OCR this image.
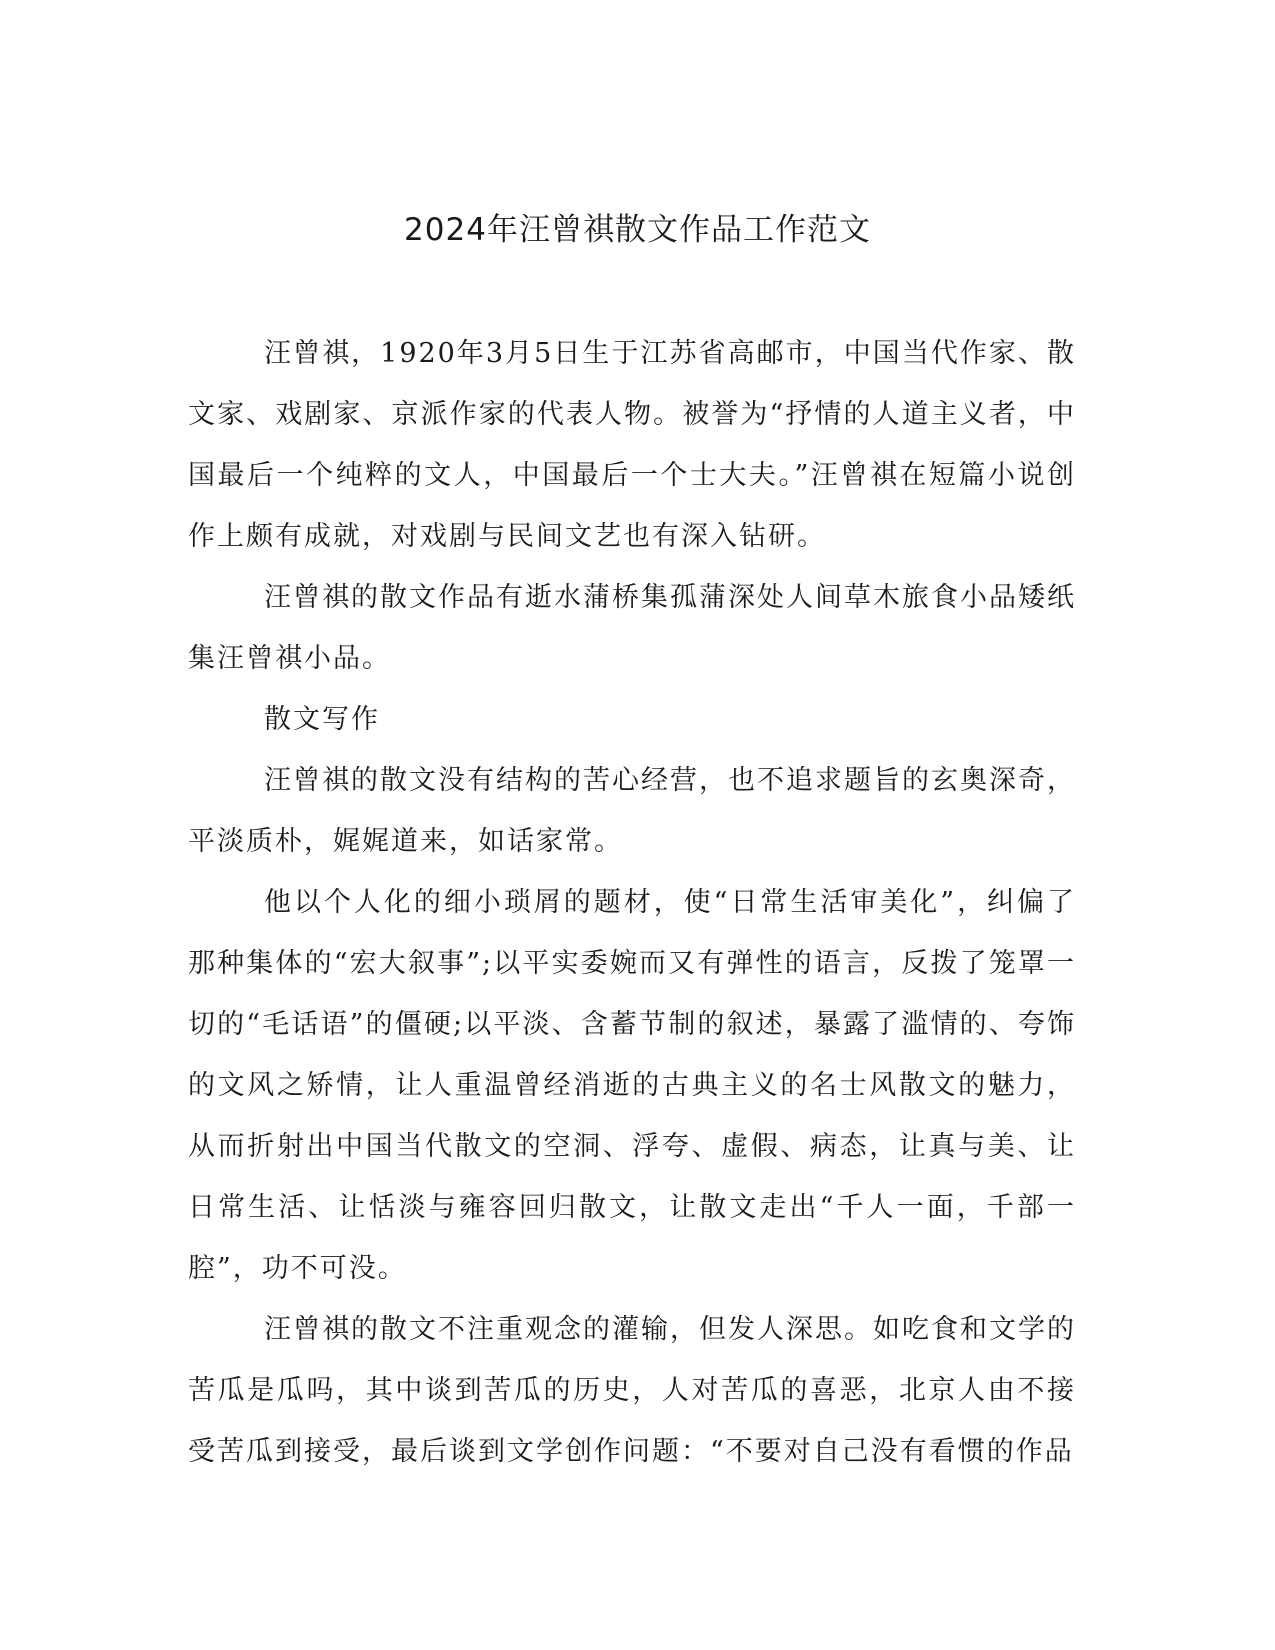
2024年汪曾祺散文作品工作范文

汪曾祺，1920年3月5日生于江苏省高邮市，中国当代作家、散文家、戏剧家、京派作家的代表人物。被誉为“抒情的人道主义者，中国最后一个纯粹的文人，中国最后一个士大夫。”汪曾祺在短篇小说创作上颇有成就，对戏剧与民间文艺也有深入钻研。

汪曾祺的散文作品有逝水蒲桥集孤蒲深处人间草木旅食小品矮纸集汪曾祺小品。

散文写作

汪曾祺的散文没有结构的苦心经营，也不追求题旨的玄奥深奇，平淡质朴，娓娓道来，如话家常。

他以个人化的细小琐屑的题材，使“日常生活审美化”，纠偏了那种集体的“宏大叙事”;以平实委婉而又有弹性的语言，反拨了笼罩一切的“毛话语”的僵硬;以平淡、含蓄节制的叙述，暴露了滥情的、夸饰的文风之矫情，让人重温曾经消逝的古典主义的名士风散文的魅力，从而折射出中国当代散文的空洞、浮夸、虚假、病态，让真与美、让日常生活、让恬淡与雍容回归散文，让散文走出“千人一面，千部一腔”，功不可没。

汪曾祺的散文不注重观念的灌输，但发人深思。如吃食和文学的苦瓜是瓜吗，其中谈到苦瓜的历史，人对苦瓜的喜恶，北京人由不接受苦瓜到接受，最后谈到文学创作问题：“不要对自己没有看惯的作品
